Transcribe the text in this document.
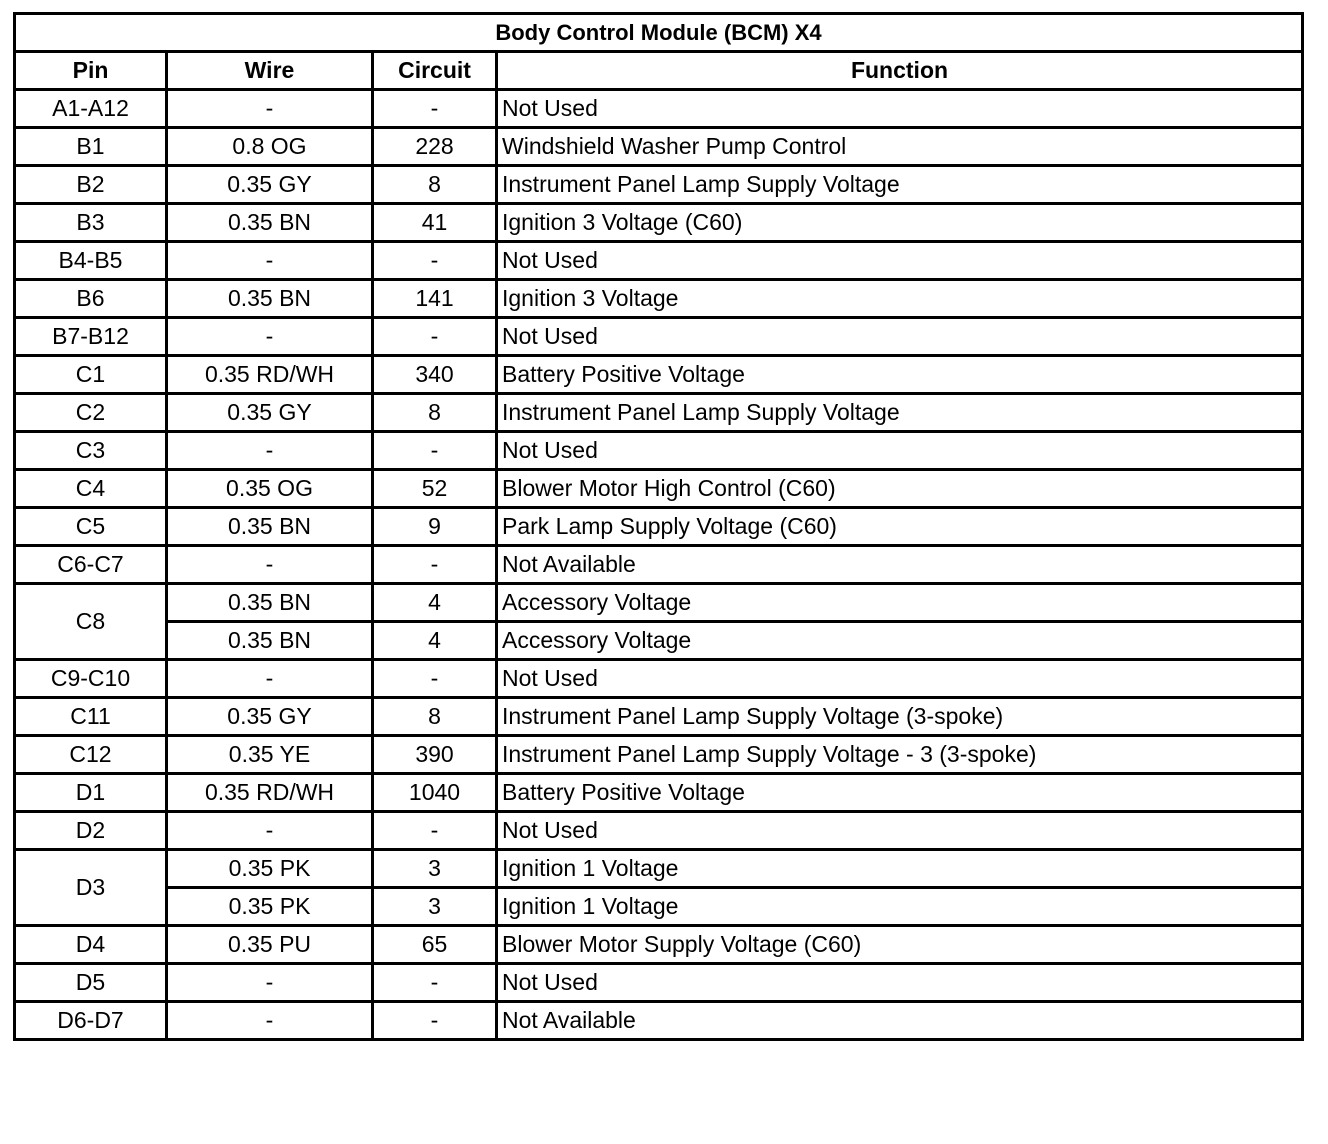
Body Control Module (BCM) X4			
Pin	Wire	Circuit	Function
A1-A12	-	-	Not Used
B1	0.8 OG	228	Windshield Washer Pump Control
B2	0.35 GY	8	Instrument Panel Lamp Supply Voltage
B3	0.35 BN	41	Ignition 3 Voltage (C60)
B4-B5	-	-	Not Used
B6	0.35 BN	141	Ignition 3 Voltage
B7-B12	-	-	Not Used
C1	0.35 RD/WH	340	Battery Positive Voltage
C2	0.35 GY	8	Instrument Panel Lamp Supply Voltage
C3	-	-	Not Used
C4	0.35 OG	52	Blower Motor High Control (C60)
C5	0.35 BN	9	Park Lamp Supply Voltage (C60)
C6-C7	-	-	Not Available
C8	0.35 BN	4	Accessory Voltage
	0.35 BN	4	Accessory Voltage
C9-C10	-	-	Not Used
C11	0.35 GY	8	Instrument Panel Lamp Supply Voltage (3-spoke)
C12	0.35 YE	390	Instrument Panel Lamp Supply Voltage - 3 (3-spoke)
D1	0.35 RD/WH	1040	Battery Positive Voltage
D2	-	-	Not Used
D3	0.35 PK	3	Ignition 1 Voltage
	0.35 PK	3	Ignition 1 Voltage
D4	0.35 PU	65	Blower Motor Supply Voltage (C60)
D5	-	-	Not Used
D6-D7	-	-	Not Available
